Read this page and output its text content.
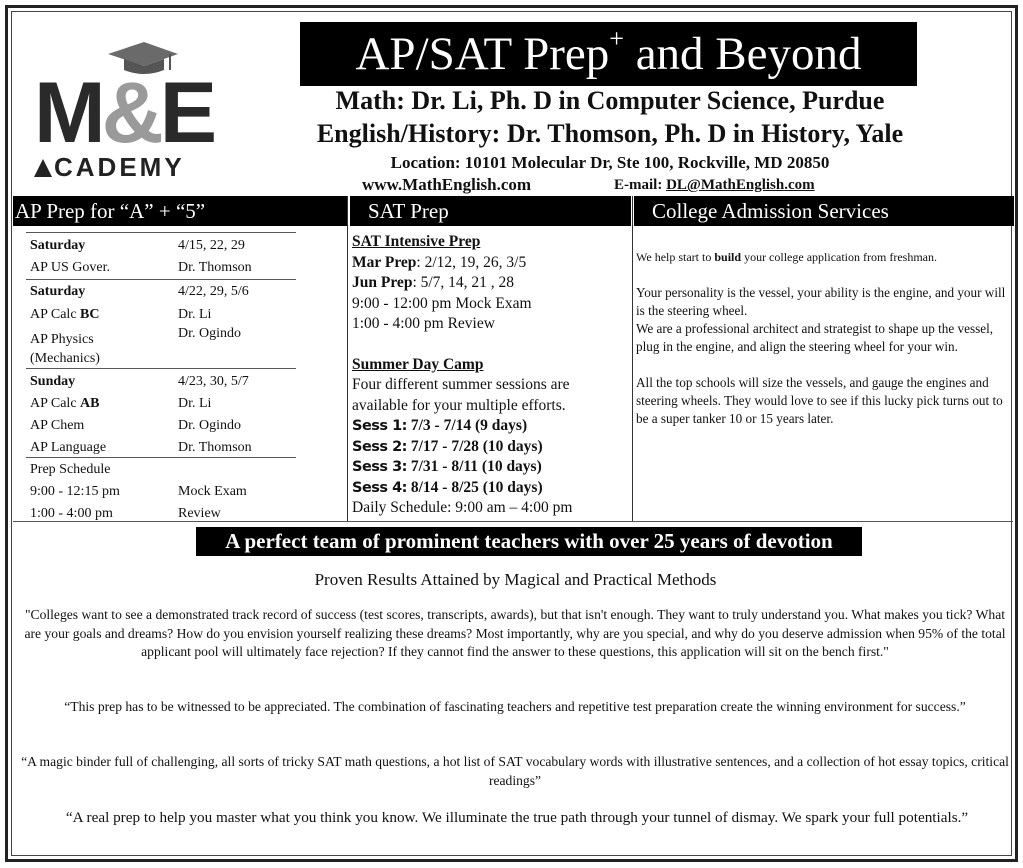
M&E
CADEMY
AP/SAT Prep+ and Beyond
Math: Dr. Li, Ph. D in Computer Science, Purdue
English/History: Dr. Thomson, Ph. D in History, Yale
Location: 10101 Molecular Dr, Ste 100, Rockville, MD 20850
www.MathEnglish.com	E-mail: DL@MathEnglish.com
AP Prep for “A” + “5”	SAT Prep	College Admission Services
Saturday	4/15, 22, 29
AP US Gover.	Dr. Thomson
Saturday	4/22, 29, 5/6
AP Calc BC	Dr. Li
AP Physics	Dr. Ogindo
(Mechanics)
Sunday	4/23, 30, 5/7
AP Calc AB	Dr. Li
AP Chem	Dr. Ogindo
AP Language	Dr. Thomson
Prep Schedule
9:00 - 12:15 pm	Mock Exam
1:00 - 4:00 pm	Review
SAT Intensive Prep
Mar Prep: 2/12, 19, 26, 3/5
Jun Prep: 5/7, 14, 21 , 28
9:00 - 12:00 pm Mock Exam
1:00 - 4:00 pm Review
Summer Day Camp
Four different summer sessions are
available for your multiple efforts.
Sess 1: 7/3 - 7/14 (9 days)
Sess 2: 7/17 - 7/28 (10 days)
Sess 3: 7/31 - 8/11 (10 days)
Sess 4: 8/14 - 8/25 (10 days)
Daily Schedule: 9:00 am – 4:00 pm

We help start to build your college application from freshman.

Your personality is the vessel, your ability is the engine, and your will is the steering wheel.

We are a professional architect and strategist to shape up the vessel, plug in the engine, and align the steering wheel for your win.

All the top schools will size the vessels, and gauge the engines and steering wheels. They would love to see if this lucky pick turns out to be a super tanker 10 or 15 years later.

A perfect team of prominent teachers with over 25 years of devotion
Proven Results Attained by Magical and Practical Methods
"Colleges want to see a demonstrated track record of success (test scores, transcripts, awards), but that isn't enough. They want to truly understand you. What makes you tick? What are your goals and dreams? How do you envision yourself realizing these dreams? Most importantly, why are you special, and why do you deserve admission when 95% of the total applicant pool will ultimately face rejection? If they cannot find the answer to these questions, this application will sit on the bench first."
“This prep has to be witnessed to be appreciated. The combination of fascinating teachers and repetitive test preparation create the winning environment for success.”
“A magic binder full of challenging, all sorts of tricky SAT math questions, a hot list of SAT vocabulary words with illustrative sentences, and a collection of hot essay topics, critical readings”
“A real prep to help you master what you think you know. We illuminate the true path through your tunnel of dismay. We spark your full potentials.”
